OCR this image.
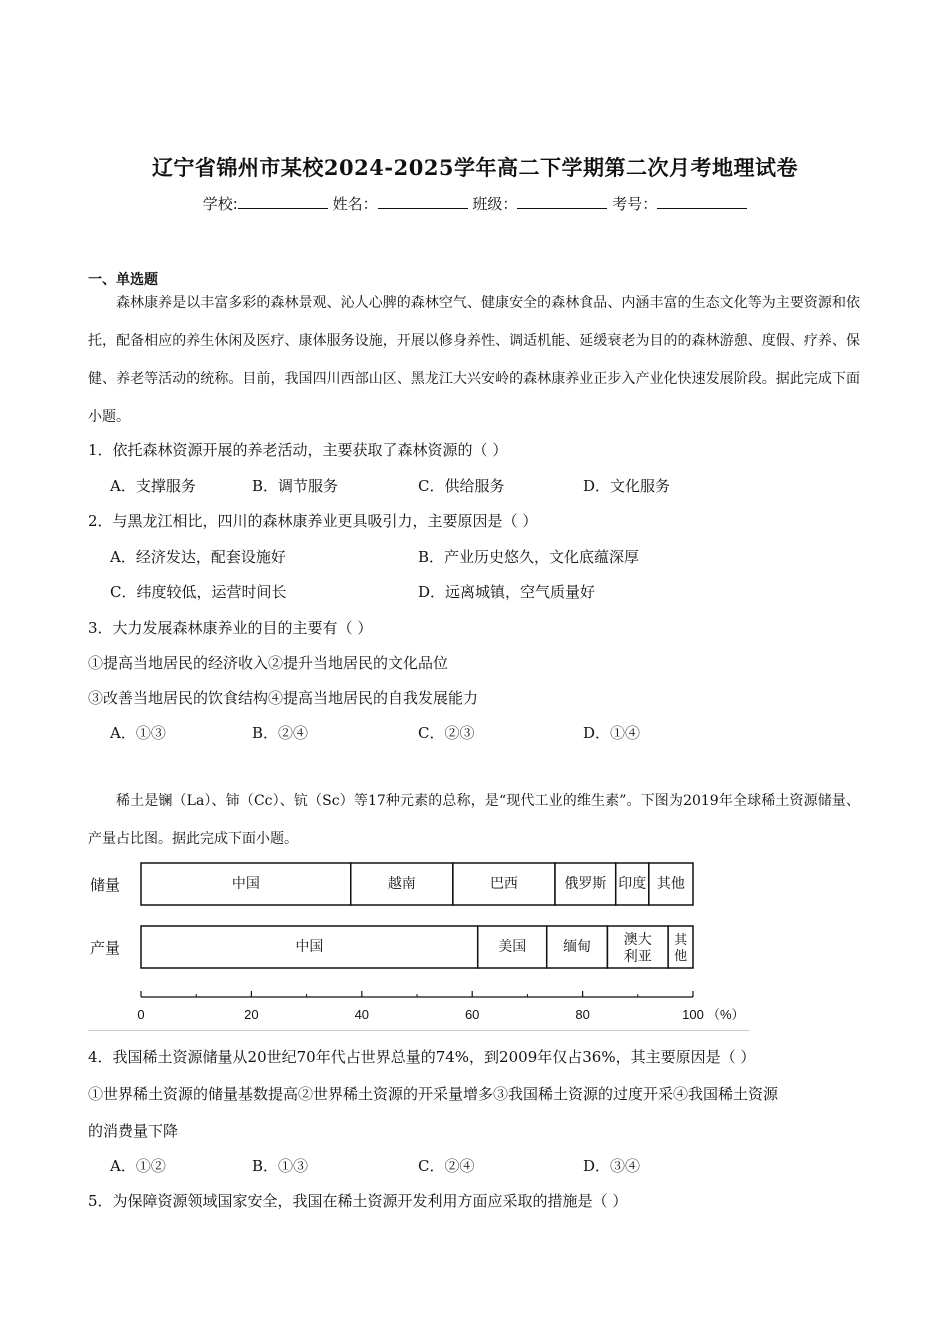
辽宁省锦州市某校2024-2025学年高二下学期第二次月考地理试卷
学校:	姓名：	班级：	考号：
一、单选题
森林康养是以丰富多彩的森林景观、沁人心脾的森林空气、健康安全的森林食品、内涵丰富的生态文化等为主要资源和依托，配备相应的养生休闲及医疗、康体服务设施，开展以修身养性、调适机能、延缓衰老为目的的森林游憩、度假、疗养、保健、养老等活动的统称。目前，我国四川西部山区、黑龙江大兴安岭的森林康养业正步入产业化快速发展阶段。据此完成下面小题。
1．依托森林资源开展的养老活动，主要获取了森林资源的（ ）
A．支撑服务	B．调节服务	C．供给服务	D．文化服务
2．与黑龙江相比，四川的森林康养业更具吸引力，主要原因是（ ）
A．经济发达，配套设施好	B．产业历史悠久，文化底蕴深厚
C．纬度较低，运营时间长	D．远离城镇，空气质量好
3．大力发展森林康养业的目的主要有（ ）
①提高当地居民的经济收入②提升当地居民的文化品位
③改善当地居民的饮食结构④提高当地居民的自我发展能力
A．①③	B．②④	C．②③	D．①④
稀土是镧（La）、铈（Cc）、钪（Sc）等17种元素的总称，是“现代工业的维生素”。下图为2019年全球稀土资源储量、产量占比图。据此完成下面小题。
储量	中国	越南	巴西	俄罗斯 印度 其他
产量	中国	美国	缅甸 澳大
利亚
其
他
0	20	40	60	80	100 （%）
4．我国稀土资源储量从20世纪70年代占世界总量的74%，到2009年仅占36%，其主要原因是（ ）
①世界稀土资源的储量基数提高②世界稀土资源的开采量增多③我国稀土资源的过度开采④我国稀土资源
的消费量下降
A．①②	B．①③	C．②④	D．③④
5．为保障资源领域国家安全，我国在稀土资源开发利用方面应采取的措施是（ ）
